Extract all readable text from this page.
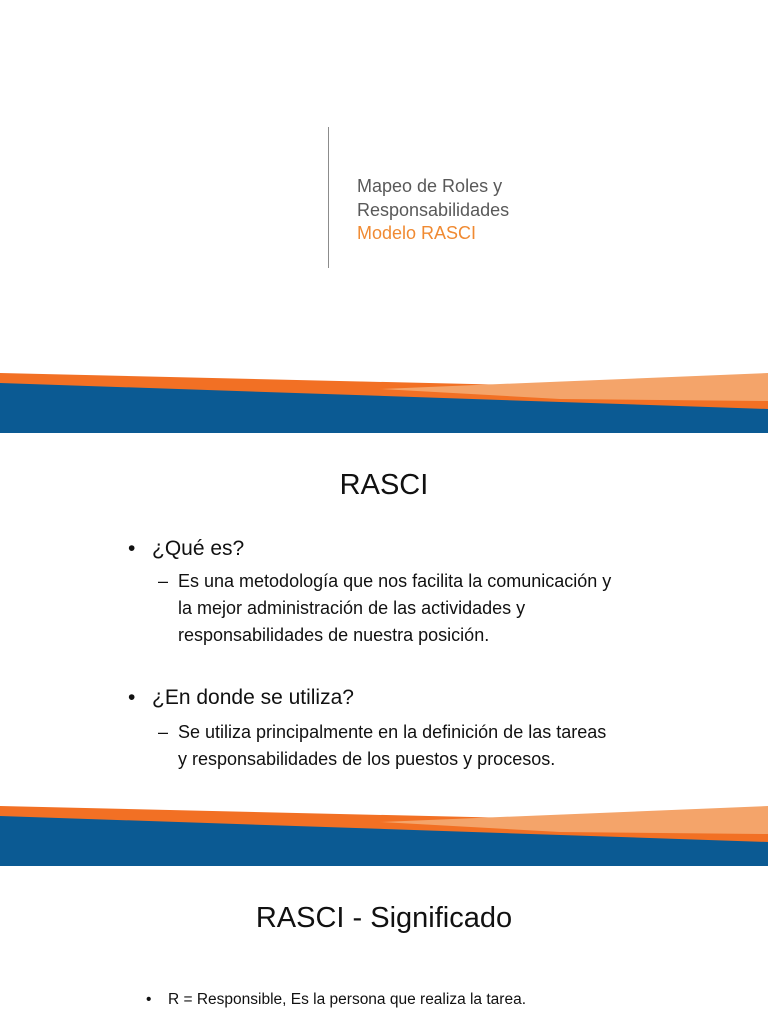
Mapeo de Roles y
Responsabilidades
Modelo RASCI
RASCI
• ¿Qué es?
– Es una metodología que nos facilita la comunicación y la mejor administración de las actividades y responsabilidades de nuestra posición.
• ¿En donde se utiliza?
– Se utiliza principalmente en la definición de las tareas y responsabilidades de los puestos y procesos.
RASCI - Significado
• R = Responsible, Es la persona que realiza la tarea.
